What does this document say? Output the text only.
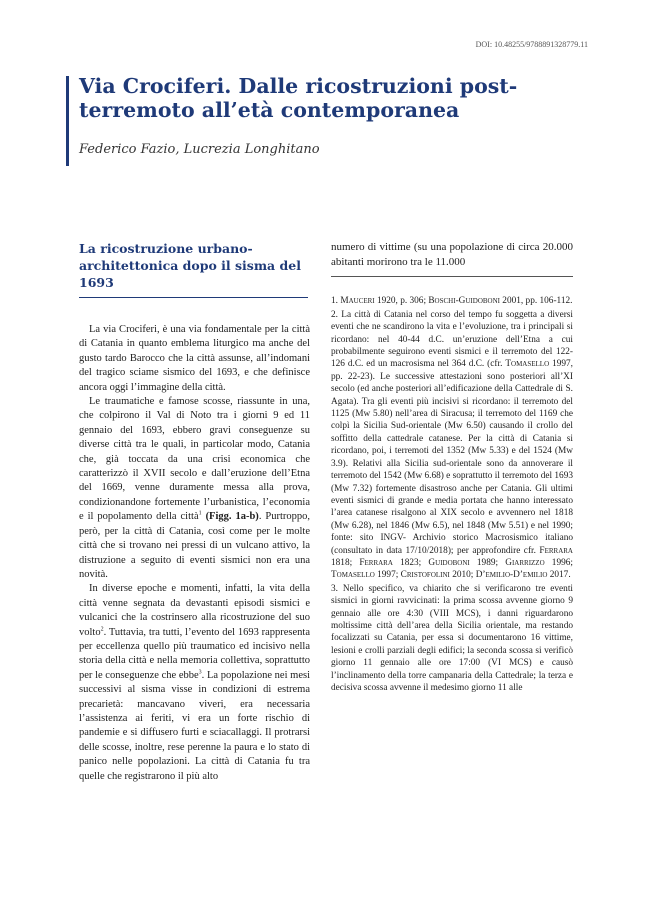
DOI: 10.48255/9788891328779.11
Via Crociferi. Dalle ricostruzioni post-terremoto all’età contemporanea
Federico Fazio, Lucrezia Longhitano
La ricostruzione urbano-architettonica dopo il sisma del 1693

La via Crociferi, è una via fondamentale per la città di Catania in quanto emblema liturgico ma anche del gusto tardo Barocco che la città assunse, all’indomani del tragico sciame sismico del 1693, e che definisce ancora oggi l’immagine della città.

Le traumatiche e famose scosse, riassunte in una, che colpirono il Val di Noto tra i giorni 9 ed 11 gennaio del 1693, ebbero gravi conseguenze su diverse città tra le quali, in particolar modo, Catania che, già toccata da una crisi economica che caratterizzò il XVII secolo e dall’eruzione dell’Etna del 1669, venne duramente messa alla prova, condizionandone fortemente l’urbanistica, l’economia e il popolamento della città$^1$ (Figg. 1a-b). Purtroppo, però, per la città di Catania, così come per le molte città che si trovano nei pressi di un vulcano attivo, la distruzione a seguito di eventi sismici non era una novità.

In diverse epoche e momenti, infatti, la vita della città venne segnata da devastanti episodi sismici e vulcanici che la costrinsero alla ricostruzione del suo volto$^2$. Tuttavia, tra tutti, l’evento del 1693 rappresenta per eccellenza quello più traumatico ed incisivo nella storia della città e nella memoria collettiva, soprattutto per le conseguenze che ebbe$^3$. La popolazione nei mesi successivi al sisma visse in condizioni di estrema precarietà: mancavano viveri, era necessaria l’assistenza ai feriti, vi era un forte rischio di pandemie e si diffusero furti e sciacallaggi. Il protrarsi delle scosse, inoltre, rese perenne la paura e lo stato di panico nelle popolazioni. La città di Catania fu tra quelle che registrarono il più alto

numero di vittime (su una popolazione di circa 20.000 abitanti morirono tra le 11.000

1. Mauceri 1920, p. 306; Boschi-Guidoboni 2001, pp. 106-112.

2. La città di Catania nel corso del tempo fu soggetta a diversi eventi che ne scandirono la vita e l’evoluzione, tra i principali si ricordano: nel 40-44 d.C. un’eruzione dell’Etna a cui probabilmente seguirono eventi sismici e il terremoto del 122-126 d.C. ed un macrosisma nel 364 d.C. (cfr. Tomasello 1997, pp. 22-23). Le successive attestazioni sono posteriori all’XI secolo (ed anche posteriori all’edificazione della Cattedrale di S. Agata). Tra gli eventi più incisivi si ricordano: il terremoto del 1125 (Mw 5.80) nell’area di Siracusa; il terremoto del 1169 che colpì la Sicilia Sud-orientale (Mw 6.50) causando il crollo del soffitto della cattedrale catanese. Per la città di Catania si ricordano, poi, i terremoti del 1352 (Mw 5.33) e del 1524 (Mw 3.9). Relativi alla Sicilia sud-orientale sono da annoverare il terremoto del 1542 (Mw 6.68) e soprattutto il terremoto del 1693 (Mw 7.32) fortemente disastroso anche per Catania. Gli ultimi eventi sismici di grande e media portata che hanno interessato l’area catanese risalgono al XIX secolo e avvennero nel 1818 (Mw 6.28), nel 1846 (Mw 6.5), nel 1848 (Mw 5.51) e nel 1990; fonte: sito INGV- Archivio storico Macrosismico italiano (consultato in data 17/10/2018); per approfondire cfr. Ferrara 1818; Ferrara 1823; Guidoboni 1989; Giarrizzo 1996; Tomasello 1997; Cristofolini 2010; D’emilio-D’emilio 2017.

3. Nello specifico, va chiarito che si verificarono tre eventi sismici in giorni ravvicinati: la prima scossa avvenne giorno 9 gennaio alle ore 4:30 (VIII MCS), i danni riguardarono moltissime città dell’area della Sicilia orientale, ma restando focalizzati su Catania, per essa si documentarono 16 vittime, lesioni e crolli parziali degli edifici; la seconda scossa si verificò giorno 11 gennaio alle ore 17:00 (VI MCS) e causò l’inclinamento della torre campanaria della Cattedrale; la terza e decisiva scossa avvenne il medesimo giorno 11 alle
